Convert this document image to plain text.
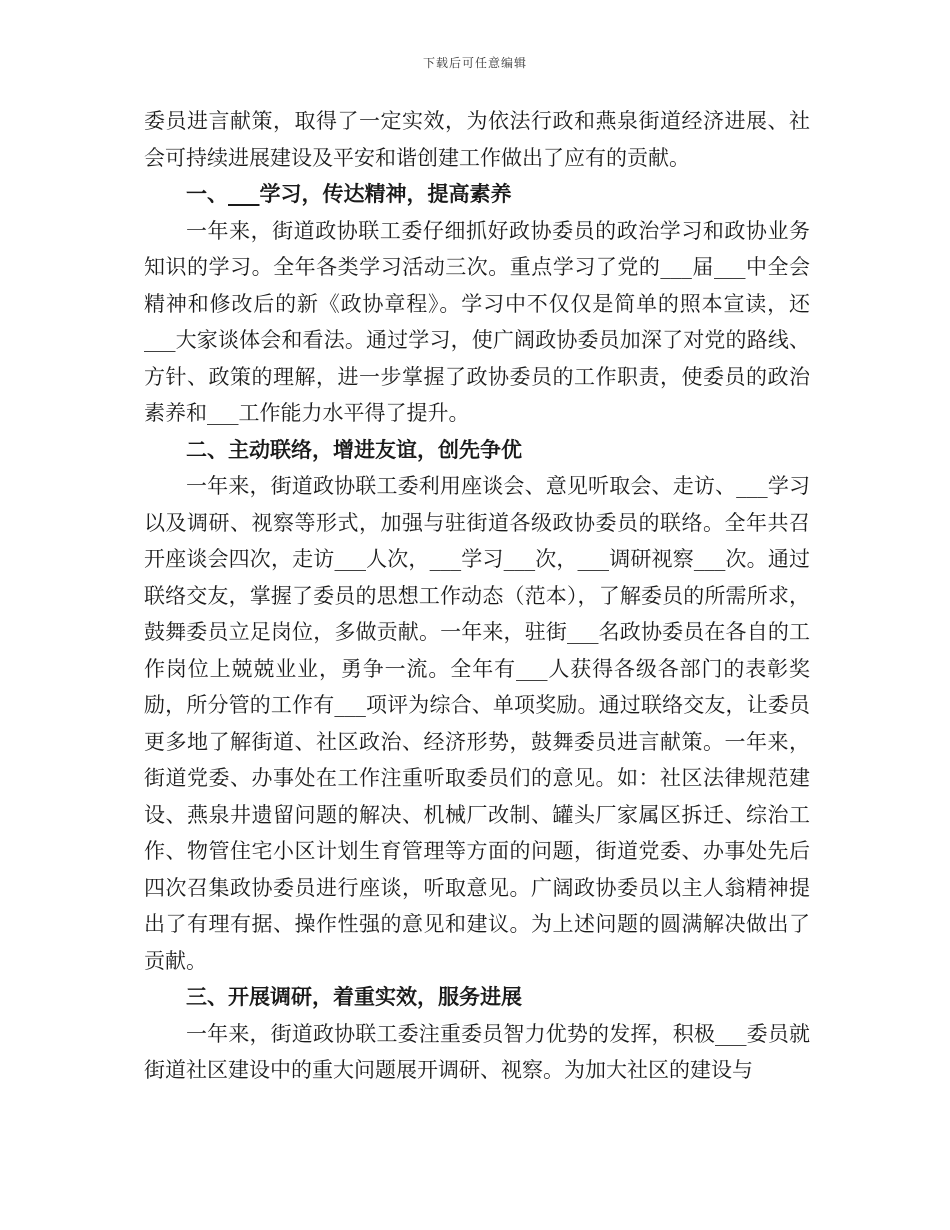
下载后可任意编辑

委员进言献策，取得了一定实效，为依法行政和燕泉街道经济进展、社会可持续进展建设及平安和谐创建工作做出了应有的贡献。

一、___学习，传达精神，提高素养

一年来，街道政协联工委仔细抓好政协委员的政治学习和政协业务知识的学习。全年各类学习活动三次。重点学习了党的___届___中全会精神和修改后的新《政协章程》。学习中不仅仅是简单的照本宣读，还___大家谈体会和看法。通过学习，使广阔政协委员加深了对党的路线、方针、政策的理解，进一步掌握了政协委员的工作职责，使委员的政治素养和___工作能力水平得了提升。

二、主动联络，增进友谊，创先争优

一年来，街道政协联工委利用座谈会、意见听取会、走访、___学习以及调研、视察等形式，加强与驻街道各级政协委员的联络。全年共召开座谈会四次，走访___人次，___学习___次，___调研视察___次。通过联络交友，掌握了委员的思想工作动态（范本），了解委员的所需所求，鼓舞委员立足岗位，多做贡献。一年来，驻街___名政协委员在各自的工作岗位上兢兢业业，勇争一流。全年有___人获得各级各部门的表彰奖励，所分管的工作有___项评为综合、单项奖励。通过联络交友，让委员更多地了解街道、社区政治、经济形势，鼓舞委员进言献策。一年来，街道党委、办事处在工作注重听取委员们的意见。如：社区法律规范建设、燕泉井遗留问题的解决、机械厂改制、罐头厂家属区拆迁、综治工作、物管住宅小区计划生育管理等方面的问题，街道党委、办事处先后四次召集政协委员进行座谈，听取意见。广阔政协委员以主人翁精神提出了有理有据、操作性强的意见和建议。为上述问题的圆满解决做出了贡献。

三、开展调研，着重实效，服务进展

一年来，街道政协联工委注重委员智力优势的发挥，积极___委员就街道社区建设中的重大问题展开调研、视察。为加大社区的建设与
